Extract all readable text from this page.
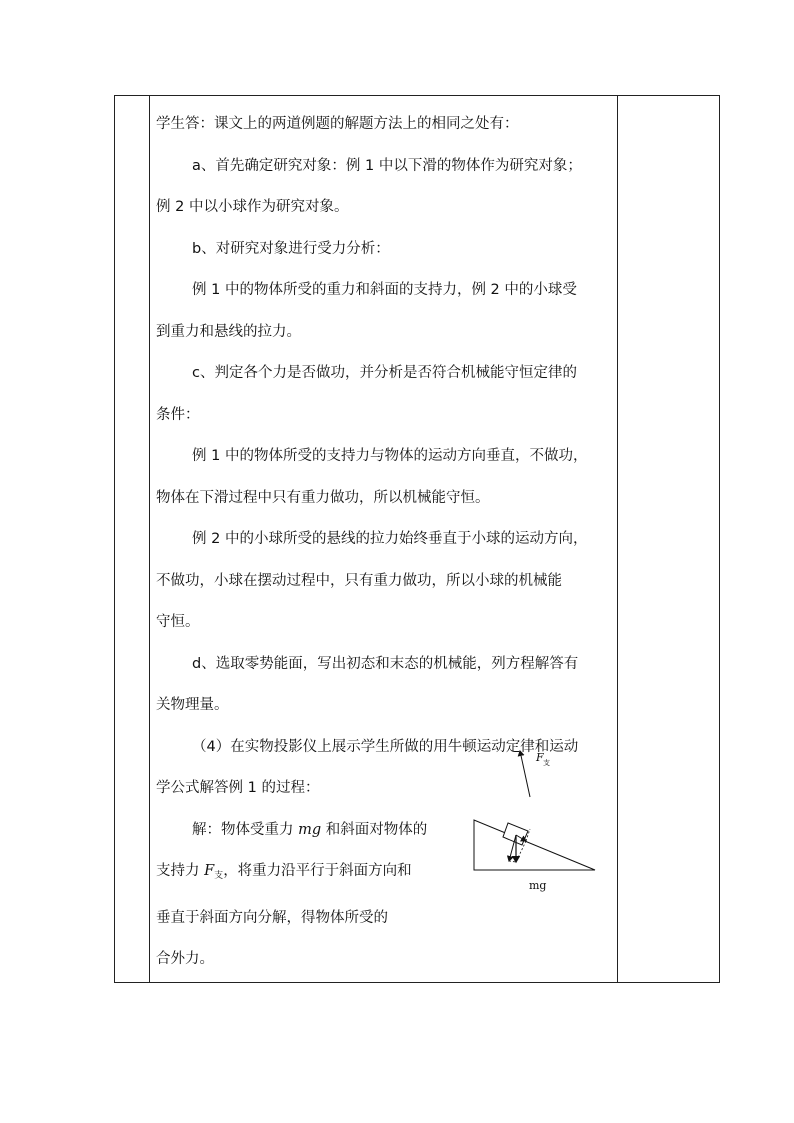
学生答：课文上的两道例题的解题方法上的相同之处有：

a、首先确定研究对象：例 1 中以下滑的物体作为研究对象；

例 2 中以小球作为研究对象。

b、对研究对象进行受力分析：

例 1 中的物体所受的重力和斜面的支持力，例 2 中的小球受

到重力和悬线的拉力。

c、判定各个力是否做功，并分析是否符合机械能守恒定律的

条件：

例 1 中的物体所受的支持力与物体的运动方向垂直，不做功，

物体在下滑过程中只有重力做功，所以机械能守恒。

例 2 中的小球所受的悬线的拉力始终垂直于小球的运动方向，

不做功，小球在摆动过程中，只有重力做功，所以小球的机械能

守恒。

d、选取零势能面，写出初态和末态的机械能，列方程解答有

关物理量。

（4）在实物投影仪上展示学生所做的用牛顿运动定律和运动

学公式解答例 1 的过程：

解：物体受重力 mg 和斜面对物体的

支持力 $F_支$，将重力沿平行于斜面方向和

垂直于斜面方向分解，得物体所受的

合外力。

F 支
mg
